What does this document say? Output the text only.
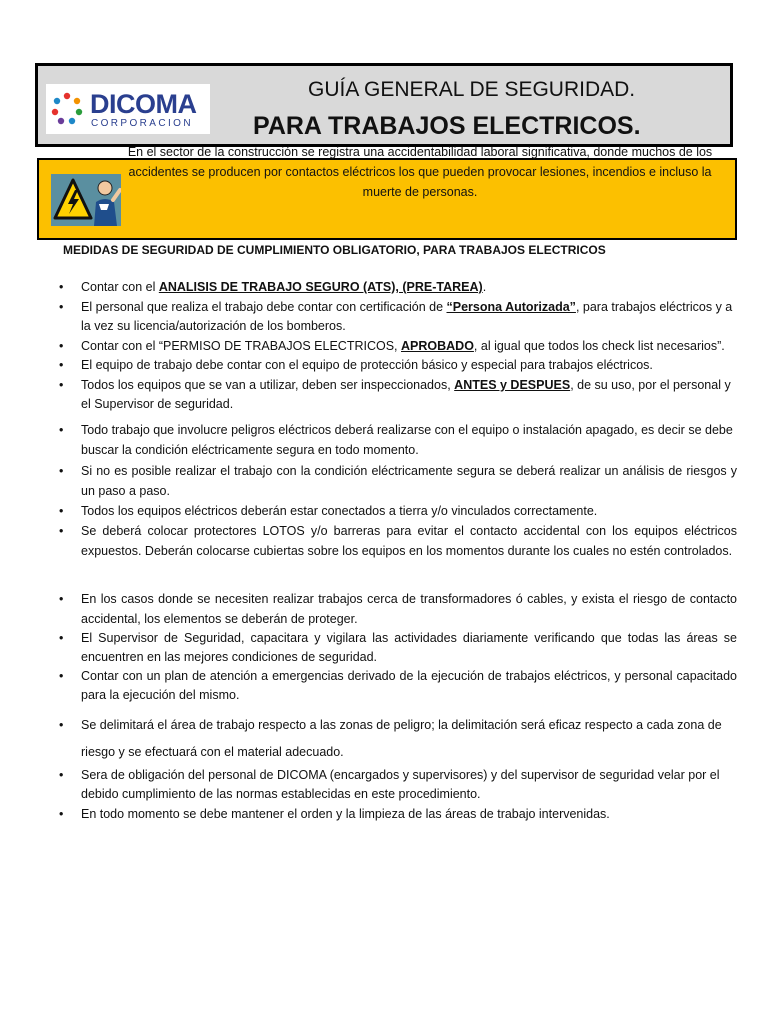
DICOMA
CORPORACION
GUÍA GENERAL DE SEGURIDAD.
PARA TRABAJOS ELECTRICOS.
En el sector de la construcción se registra una accidentabilidad laboral significativa, donde muchos de los accidentes se producen por contactos eléctricos los que pueden provocar lesiones, incendios e incluso la muerte de personas.
MEDIDAS DE SEGURIDAD DE CUMPLIMIENTO OBLIGATORIO, PARA TRABAJOS ELECTRICOS
• Contar con el ANALISIS DE TRABAJO SEGURO (ATS), (PRE-TAREA).
• El personal que realiza el trabajo debe contar con certificación de “Persona Autorizada”, para trabajos eléctricos y a la vez su licencia/autorización de los bomberos.
• Contar con el “PERMISO DE TRABAJOS ELECTRICOS, APROBADO, al igual que todos los check list necesarios”.
• El equipo de trabajo debe contar con el equipo de protección básico y especial para trabajos eléctricos.
• Todos los equipos que se van a utilizar, deben ser inspeccionados, ANTES y DESPUES, de su uso, por el personal y el Supervisor de seguridad.
• Todo trabajo que involucre peligros eléctricos deberá realizarse con el equipo o instalación apagado, es decir se debe buscar la condición eléctricamente segura en todo momento.
• Si no es posible realizar el trabajo con la condición eléctricamente segura se deberá realizar un análisis de riesgos y un paso a paso.
• Todos los equipos eléctricos deberán estar conectados a tierra y/o vinculados correctamente.
• Se deberá colocar protectores LOTOS y/o barreras para evitar el contacto accidental con los equipos eléctricos expuestos. Deberán colocarse cubiertas sobre los equipos en los momentos durante los cuales no estén controlados.
• En los casos donde se necesiten realizar trabajos cerca de transformadores ó cables, y exista el riesgo de contacto accidental, los elementos se deberán de proteger.
• El Supervisor de Seguridad, capacitara y vigilara las actividades diariamente verificando que todas las áreas se encuentren en las mejores condiciones de seguridad.
• Contar con un plan de atención a emergencias derivado de la ejecución de trabajos eléctricos, y personal capacitado para la ejecución del mismo.
• Se delimitará el área de trabajo respecto a las zonas de peligro; la delimitación será eficaz respecto a cada zona de riesgo y se efectuará con el material adecuado.
• Sera de obligación del personal de DICOMA (encargados y supervisores) y del supervisor de seguridad velar por el debido cumplimiento de las normas establecidas en este procedimiento.
• En todo momento se debe mantener el orden y la limpieza de las áreas de trabajo intervenidas.
